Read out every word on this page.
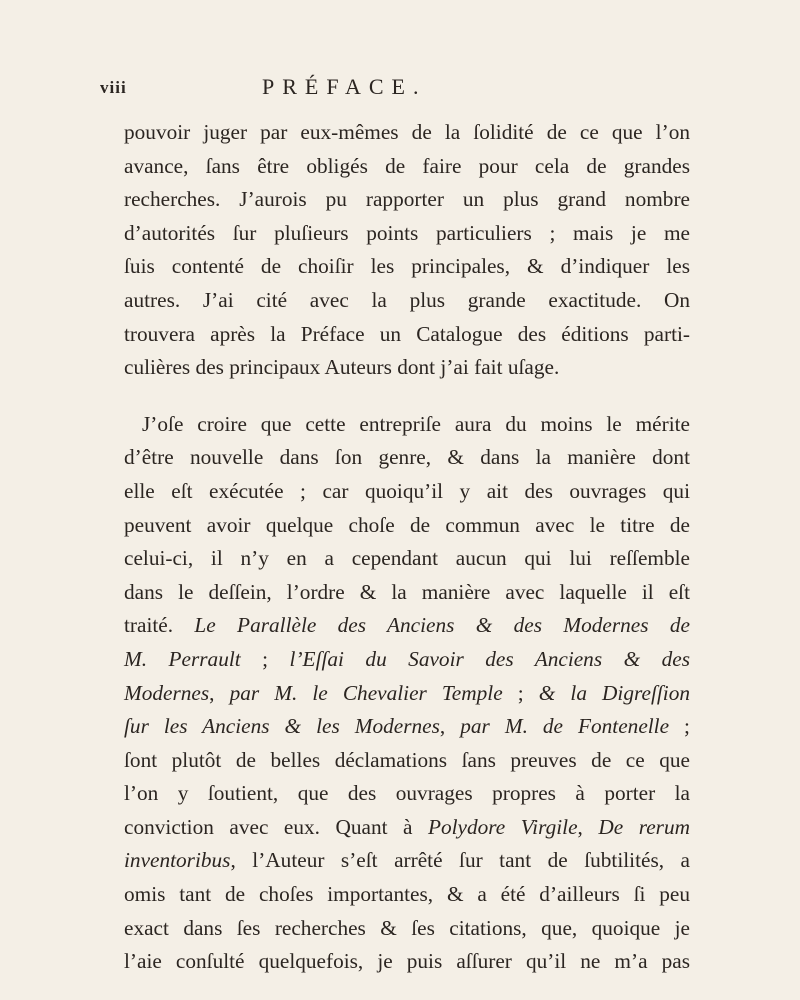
viii	PRÉFACE.
pouvoir juger par eux-mêmes de la ſolidité de ce que l’on
avance, ſans être obligés de faire pour cela de grandes
recherches. J’aurois pu rapporter un plus grand nombre
d’autorités ſur pluſieurs points particuliers ; mais je me
ſuis contenté de choiſir les principales, & d’indiquer les
autres. J’ai cité avec la plus grande exactitude. On
trouvera après la Préface un Catalogue des éditions parti-
culières des principaux Auteurs dont j’ai fait uſage.
J’oſe croire que cette entrepriſe aura du moins le mérite
d’être nouvelle dans ſon genre, & dans la manière dont
elle eſt exécutée ; car quoiqu’il y ait des ouvrages qui
peuvent avoir quelque choſe de commun avec le titre de
celui-ci, il n’y en a cependant aucun qui lui reſſemble
dans le deſſein, l’ordre & la manière avec laquelle il eſt
traité. Le Parallèle des Anciens & des Modernes de
M. Perrault ; l’Eſſai du Savoir des Anciens & des
Modernes, par M. le Chevalier Temple ; & la Digreſſion
ſur les Anciens & les Modernes, par M. de Fontenelle ;
ſont plutôt de belles déclamations ſans preuves de ce que
l’on y ſoutient, que des ouvrages propres à porter la
conviction avec eux. Quant à Polydore Virgile, De rerum
inventoribus, l’Auteur s’eſt arrêté ſur tant de ſubtilités, a
omis tant de choſes importantes, & a été d’ailleurs ſi peu
exact dans ſes recherches & ſes citations, que, quoique je
l’aie conſulté quelquefois, je puis aſſurer qu’il ne m’a pas
